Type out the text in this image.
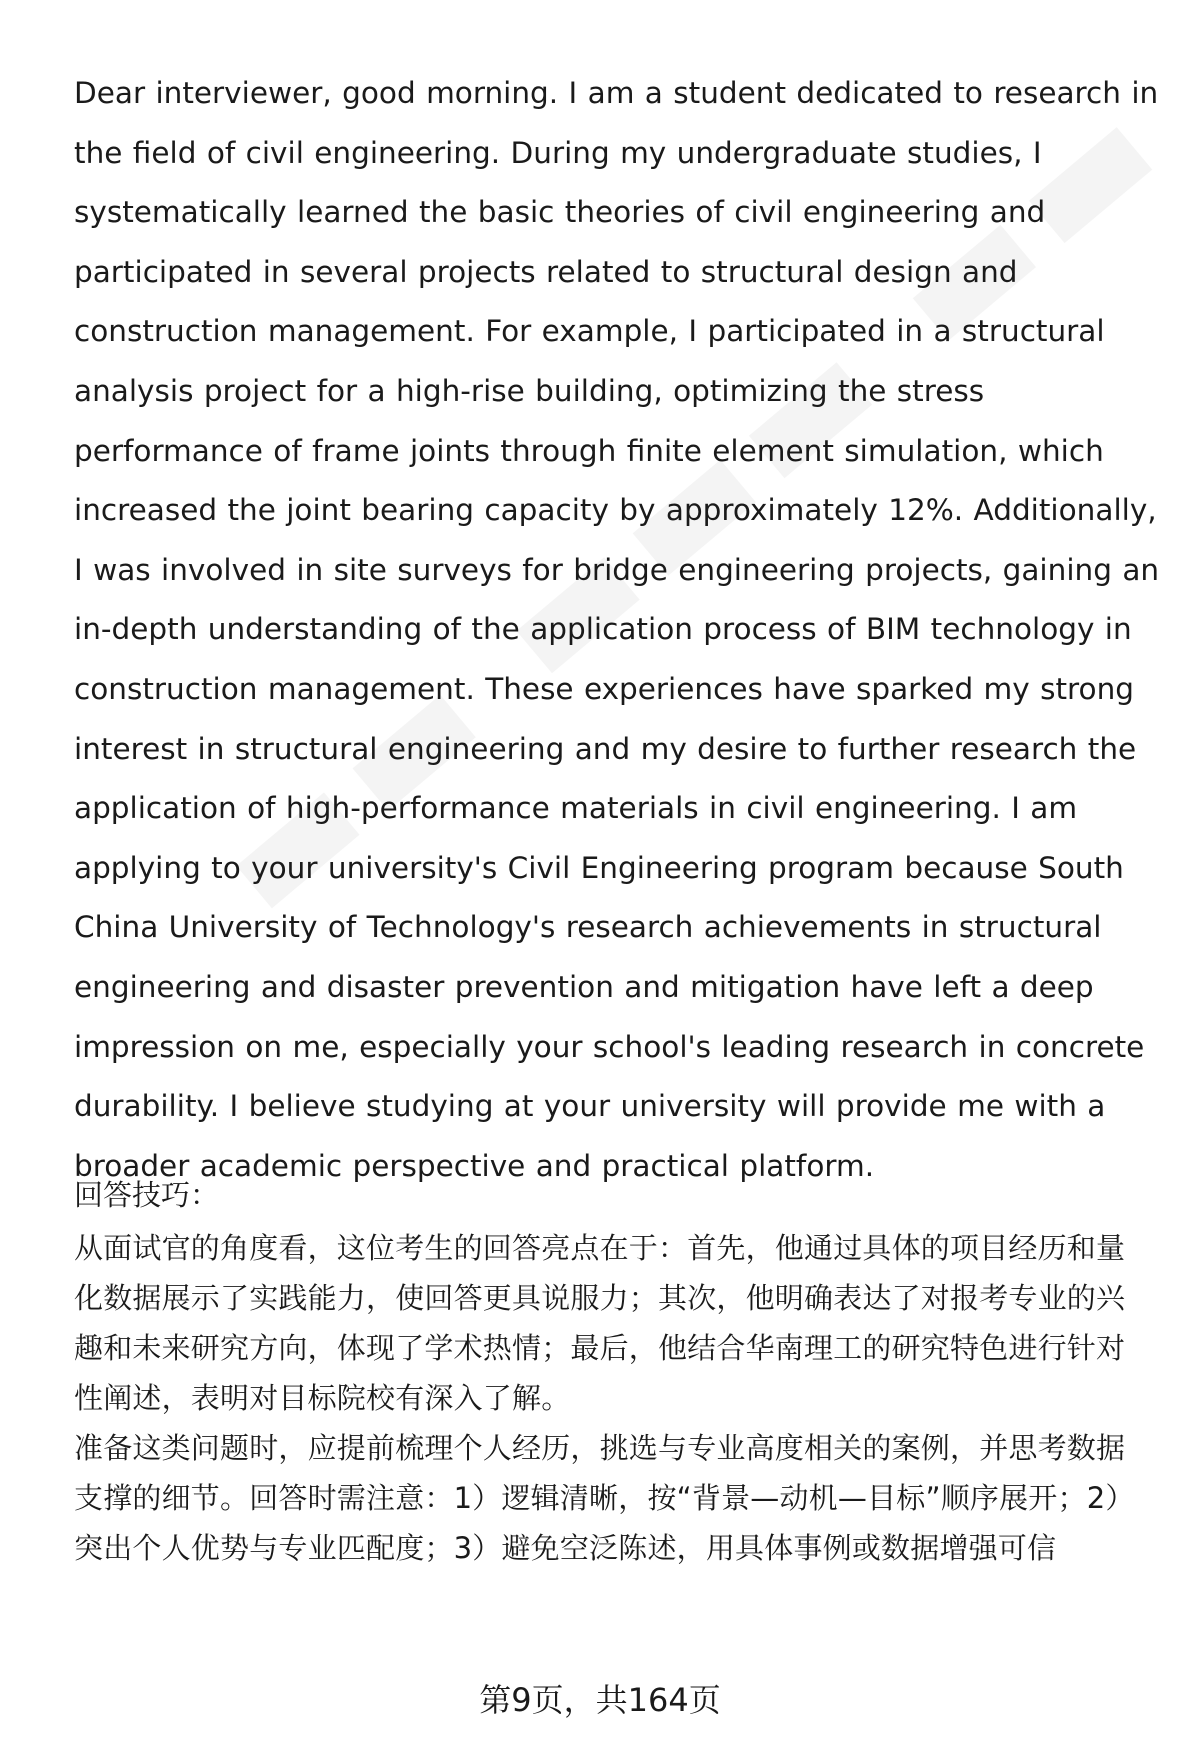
Dear interviewer, good morning. I am a student dedicated to research in the field of civil engineering. During my undergraduate studies, I systematically learned the basic theories of civil engineering and participated in several projects related to structural design and construction management. For example, I participated in a structural analysis project for a high-rise building, optimizing the stress performance of frame joints through finite element simulation, which increased the joint bearing capacity by approximately 12%. Additionally, I was involved in site surveys for bridge engineering projects, gaining an in-depth understanding of the application process of BIM technology in construction management. These experiences have sparked my strong interest in structural engineering and my desire to further research the application of high-performance materials in civil engineering. I am applying to your university's Civil Engineering program because South China University of Technology's research achievements in structural engineering and disaster prevention and mitigation have left a deep impression on me, especially your school's leading research in concrete durability. I believe studying at your university will provide me with a broader academic perspective and practical platform.

回答技巧：

从面试官的角度看，这位考生的回答亮点在于：首先，他通过具体的项目经历和量化数据展示了实践能力，使回答更具说服力；其次，他明确表达了对报考专业的兴趣和未来研究方向，体现了学术热情；最后，他结合华南理工的研究特色进行针对性阐述，表明对目标院校有深入了解。

准备这类问题时，应提前梳理个人经历，挑选与专业高度相关的案例，并思考数据支撑的细节。回答时需注意：1）逻辑清晰，按“背景—动机—目标”顺序展开；2）突出个人优势与专业匹配度；3）避免空泛陈述，用具体事例或数据增强可信

第9页，共164页
